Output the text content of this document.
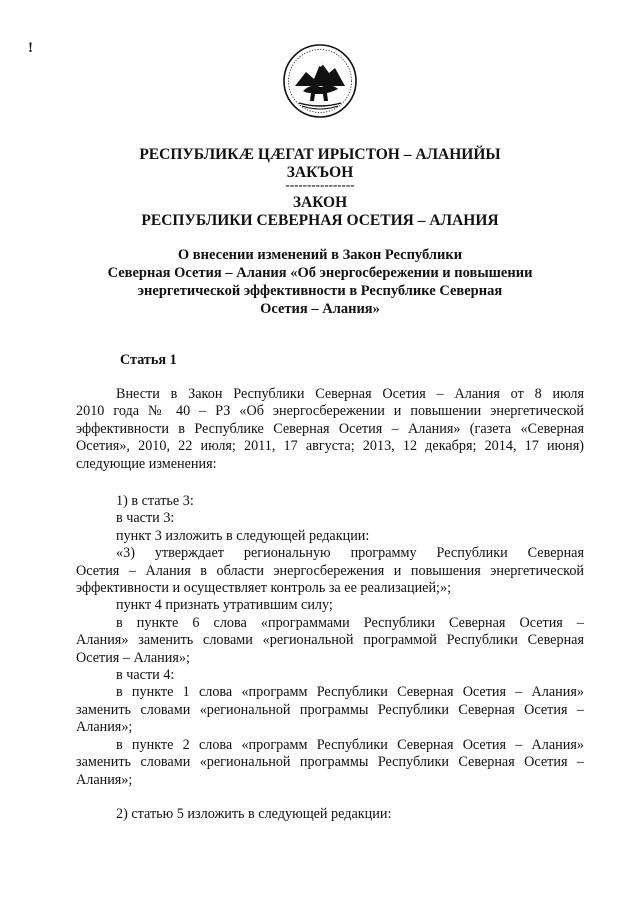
!
РЕСПУБЛИКÆ ЦÆГАТ ИРЫСТОН – АЛАНИЙЫ
ЗАКЪОН
----------------
ЗАКОН
РЕСПУБЛИКИ СЕВЕРНАЯ ОСЕТИЯ – АЛАНИЯ
О внесении изменений в Закон Республики
Северная Осетия – Алания «Об энергосбережении и повышении
энергетической эффективности в Республике Северная
Осетия – Алания»
Статья 1
Внести в Закон Республики Северная Осетия – Алания от 8 июля
2010 года № 40 – РЗ «Об энергосбережении и повышении энергетической
эффективности в Республике Северная Осетия – Алания» (газета «Северная
Осетия», 2010, 22 июля; 2011, 17 августа; 2013, 12 декабря; 2014, 17 июня)
следующие изменения:
1) в статье 3:
в части 3:
пункт 3 изложить в следующей редакции:
«3) утверждает региональную программу Республики Северная
Осетия – Алания в области энергосбережения и повышения энергетической
эффективности и осуществляет контроль за ее реализацией;»;
пункт 4 признать утратившим силу;
в пункте 6 слова «программами Республики Северная Осетия –
Алания» заменить словами «региональной программой Республики Северная
Осетия – Алания»;
в части 4:
в пункте 1 слова «программ Республики Северная Осетия – Алания»
заменить словами «региональной программы Республики Северная Осетия –
Алания»;
в пункте 2 слова «программ Республики Северная Осетия – Алания»
заменить словами «региональной программы Республики Северная Осетия –
Алания»;
2) статью 5 изложить в следующей редакции:
